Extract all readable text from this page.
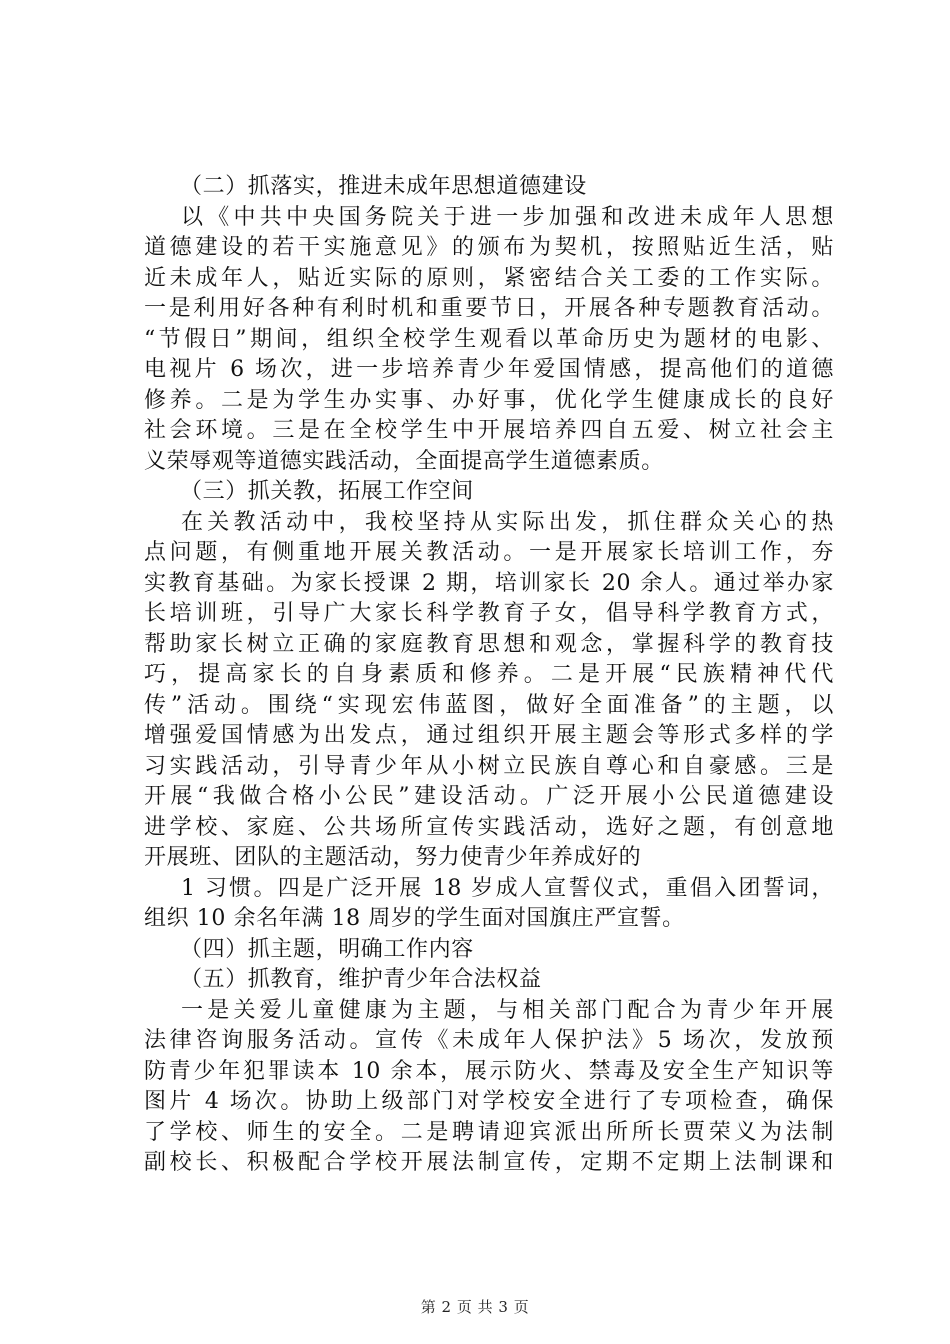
（二）抓落实，推进未成年思想道德建设
以《中共中央国务院关于进一步加强和改进未成年人思想
道德建设的若干实施意见》的颁布为契机，按照贴近生活，贴
近未成年人，贴近实际的原则，紧密结合关工委的工作实际。
一是利用好各种有利时机和重要节日，开展各种专题教育活动。
“节假日”期间，组织全校学生观看以革命历史为题材的电影、
电视片 6 场次，进一步培养青少年爱国情感，提高他们的道德
修养。二是为学生办实事、办好事，优化学生健康成长的良好
社会环境。三是在全校学生中开展培养四自五爱、树立社会主
义荣辱观等道德实践活动，全面提高学生道德素质。
（三）抓关教，拓展工作空间
在关教活动中，我校坚持从实际出发，抓住群众关心的热
点问题，有侧重地开展关教活动。一是开展家长培训工作，夯
实教育基础。为家长授课 2 期，培训家长 20 余人。通过举办家
长培训班，引导广大家长科学教育子女，倡导科学教育方式，
帮助家长树立正确的家庭教育思想和观念，掌握科学的教育技
巧，提高家长的自身素质和修养。二是开展“民族精神代代
传”活动。围绕“实现宏伟蓝图，做好全面准备”的主题，以
增强爱国情感为出发点，通过组织开展主题会等形式多样的学
习实践活动，引导青少年从小树立民族自尊心和自豪感。三是
开展“我做合格小公民”建设活动。广泛开展小公民道德建设
进学校、家庭、公共场所宣传实践活动，选好之题，有创意地
开展班、团队的主题活动，努力使青少年养成好的
1 习惯。四是广泛开展 18 岁成人宣誓仪式，重倡入团誓词，
组织 10 余名年满 18 周岁的学生面对国旗庄严宣誓。
（四）抓主题，明确工作内容
（五）抓教育，维护青少年合法权益
一是关爱儿童健康为主题，与相关部门配合为青少年开展
法律咨询服务活动。宣传《未成年人保护法》5 场次，发放预
防青少年犯罪读本 10 余本，展示防火、禁毒及安全生产知识等
图片 4 场次。协助上级部门对学校安全进行了专项检查，确保
了学校、师生的安全。二是聘请迎宾派出所所长贾荣义为法制
副校长、积极配合学校开展法制宣传，定期不定期上法制课和
第 2 页 共 3 页
